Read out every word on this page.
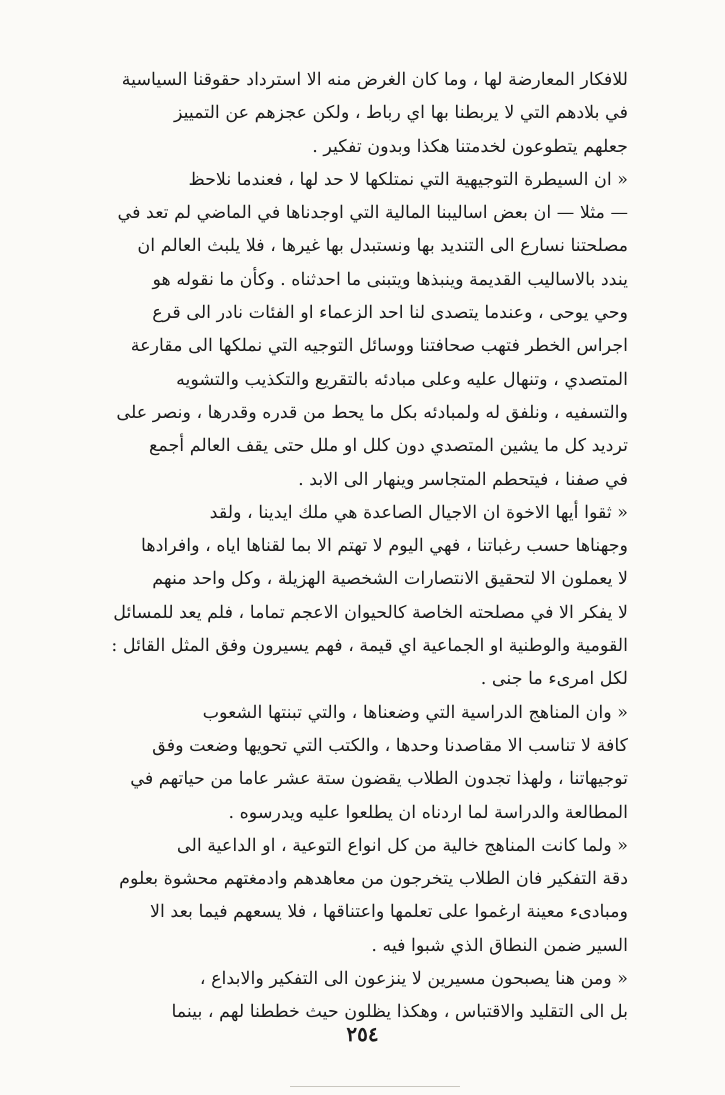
للافكار المعارضة لها ، وما كان الغرض منه الا استرداد حقوقنا السياسية
في بلادهم التي لا يربطنا بها اي رباط ، ولكن عجزهم عن التمييز
جعلهم يتطوعون لخدمتنا هكذا وبدون تفكير .
« ان السيطرة التوجيهية التي نمتلكها لا حد لها ، فعندما نلاحظ
— مثلا — ان بعض اساليبنا المالية التي اوجدناها في الماضي لم تعد في
مصلحتنا نسارع الى التنديد بها ونستبدل بها غيرها ، فلا يلبث العالم ان
يندد بالاساليب القديمة وينبذها ويتبنى ما احدثناه . وكأن ما نقوله هو
وحي يوحى ، وعندما يتصدى لنا احد الزعماء او الفئات نادر الى قرع
اجراس الخطر فتهب صحافتنا ووسائل التوجيه التي نملكها الى مقارعة
المتصدي ، وتنهال عليه وعلى مبادئه بالتقريع والتكذيب والتشويه
والتسفيه ، ونلفق له ولمبادئه بكل ما يحط من قدره وقدرها ، ونصر على
ترديد كل ما يشين المتصدي دون كلل او ملل حتى يقف العالم أجمع
في صفنا ، فيتحطم المتجاسر وينهار الى الابد .
« ثقوا أيها الاخوة ان الاجيال الصاعدة هي ملك ايدينا ، ولقد
وجهناها حسب رغباتنا ، فهي اليوم لا تهتم الا بما لقناها اياه ، وافرادها
لا يعملون الا لتحقيق الانتصارات الشخصية الهزيلة ، وكل واحد منهم
لا يفكر الا في مصلحته الخاصة كالحيوان الاعجم تماما ، فلم يعد للمسائل
القومية والوطنية او الجماعية اي قيمة ، فهم يسيرون وفق المثل القائل :
لكل امرىء ما جنى .
« وان المناهج الدراسية التي وضعناها ، والتي تبنتها الشعوب
كافة لا تناسب الا مقاصدنا وحدها ، والكتب التي تحويها وضعت وفق
توجيهاتنا ، ولهذا تجدون الطلاب يقضون ستة عشر عاما من حياتهم في
المطالعة والدراسة لما اردناه ان يطلعوا عليه ويدرسوه .
« ولما كانت المناهج خالية من كل انواع التوعية ، او الداعية الى
دقة التفكير فان الطلاب يتخرجون من معاهدهم وادمغتهم محشوة بعلوم
ومبادىء معينة ارغموا على تعلمها واعتناقها ، فلا يسعهم فيما بعد الا
السير ضمن النطاق الذي شبوا فيه .
« ومن هنا يصبحون مسيرين لا ينزعون الى التفكير والابداع ،
بل الى التقليد والاقتباس ، وهكذا يظلون حيث خططنا لهم ، بينما
٢٥٤
